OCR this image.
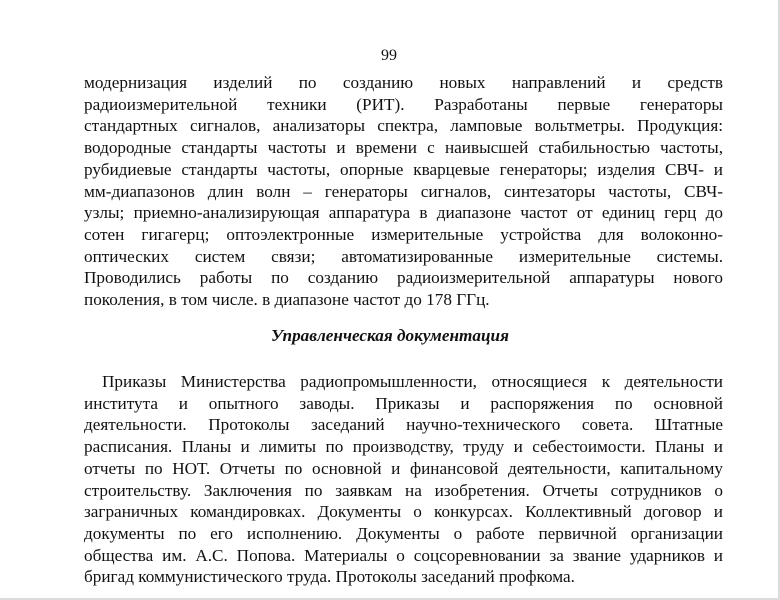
99
модернизация изделий по созданию новых направлений и средств
радиоизмерительной техники (РИТ). Разработаны первые генераторы
стандартных сигналов, анализаторы спектра, ламповые вольтметры. Продукция:
водородные стандарты частоты и времени с наивысшей стабильностью частоты,
рубидиевые стандарты частоты, опорные кварцевые генераторы; изделия СВЧ- и
мм-диапазонов длин волн – генераторы сигналов, синтезаторы частоты, СВЧ-
узлы; приемно-анализирующая аппаратура в диапазоне частот от единиц герц до
сотен гигагерц; оптоэлектронные измерительные устройства для волоконно-
оптических систем связи; автоматизированные измерительные системы.
Проводились работы по созданию радиоизмерительной аппаратуры нового
поколения, в том числе. в диапазоне частот до 178 ГГц.
Управленческая документация
Приказы Министерства радиопромышленности, относящиеся к деятельности
института и опытного заводы. Приказы и распоряжения по основной
деятельности. Протоколы заседаний научно-технического совета. Штатные
расписания. Планы и лимиты по производству, труду и себестоимости. Планы и
отчеты по НОТ. Отчеты по основной и финансовой деятельности, капитальному
строительству. Заключения по заявкам на изобретения. Отчеты сотрудников о
заграничных командировках. Документы о конкурсах. Коллективный договор и
документы по его исполнению. Документы о работе первичной организации
общества им. А.С. Попова. Материалы о соцсоревновании за звание ударников и
бригад коммунистического труда. Протоколы заседаний профкома.
